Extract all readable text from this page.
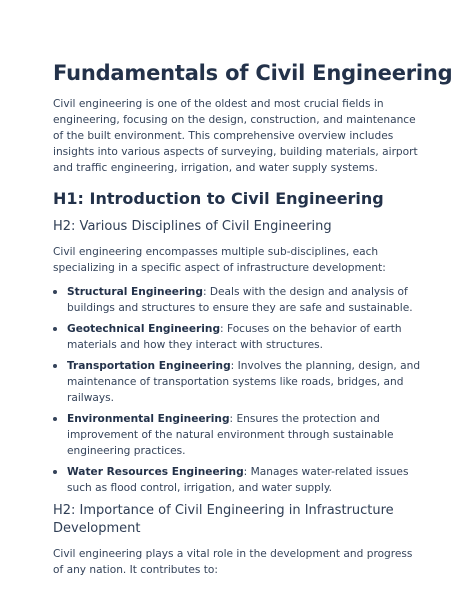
Fundamentals of Civil Engineering

Civil engineering is one of the oldest and most crucial fields in engineering, focusing on the design, construction, and maintenance of the built environment. This comprehensive overview includes insights into various aspects of surveying, building materials, airport and traffic engineering, irrigation, and water supply systems.

H1: Introduction to Civil Engineering
H2: Various Disciplines of Civil Engineering

Civil engineering encompasses multiple sub-disciplines, each specializing in a specific aspect of infrastructure development:

Structural Engineering: Deals with the design and analysis of buildings and structures to ensure they are safe and sustainable.
Geotechnical Engineering: Focuses on the behavior of earth materials and how they interact with structures.
Transportation Engineering: Involves the planning, design, and maintenance of transportation systems like roads, bridges, and railways.
Environmental Engineering: Ensures the protection and improvement of the natural environment through sustainable engineering practices.
Water Resources Engineering: Manages water-related issues such as flood control, irrigation, and water supply.
H2: Importance of Civil Engineering in Infrastructure Development

Civil engineering plays a vital role in the development and progress of any nation. It contributes to:
